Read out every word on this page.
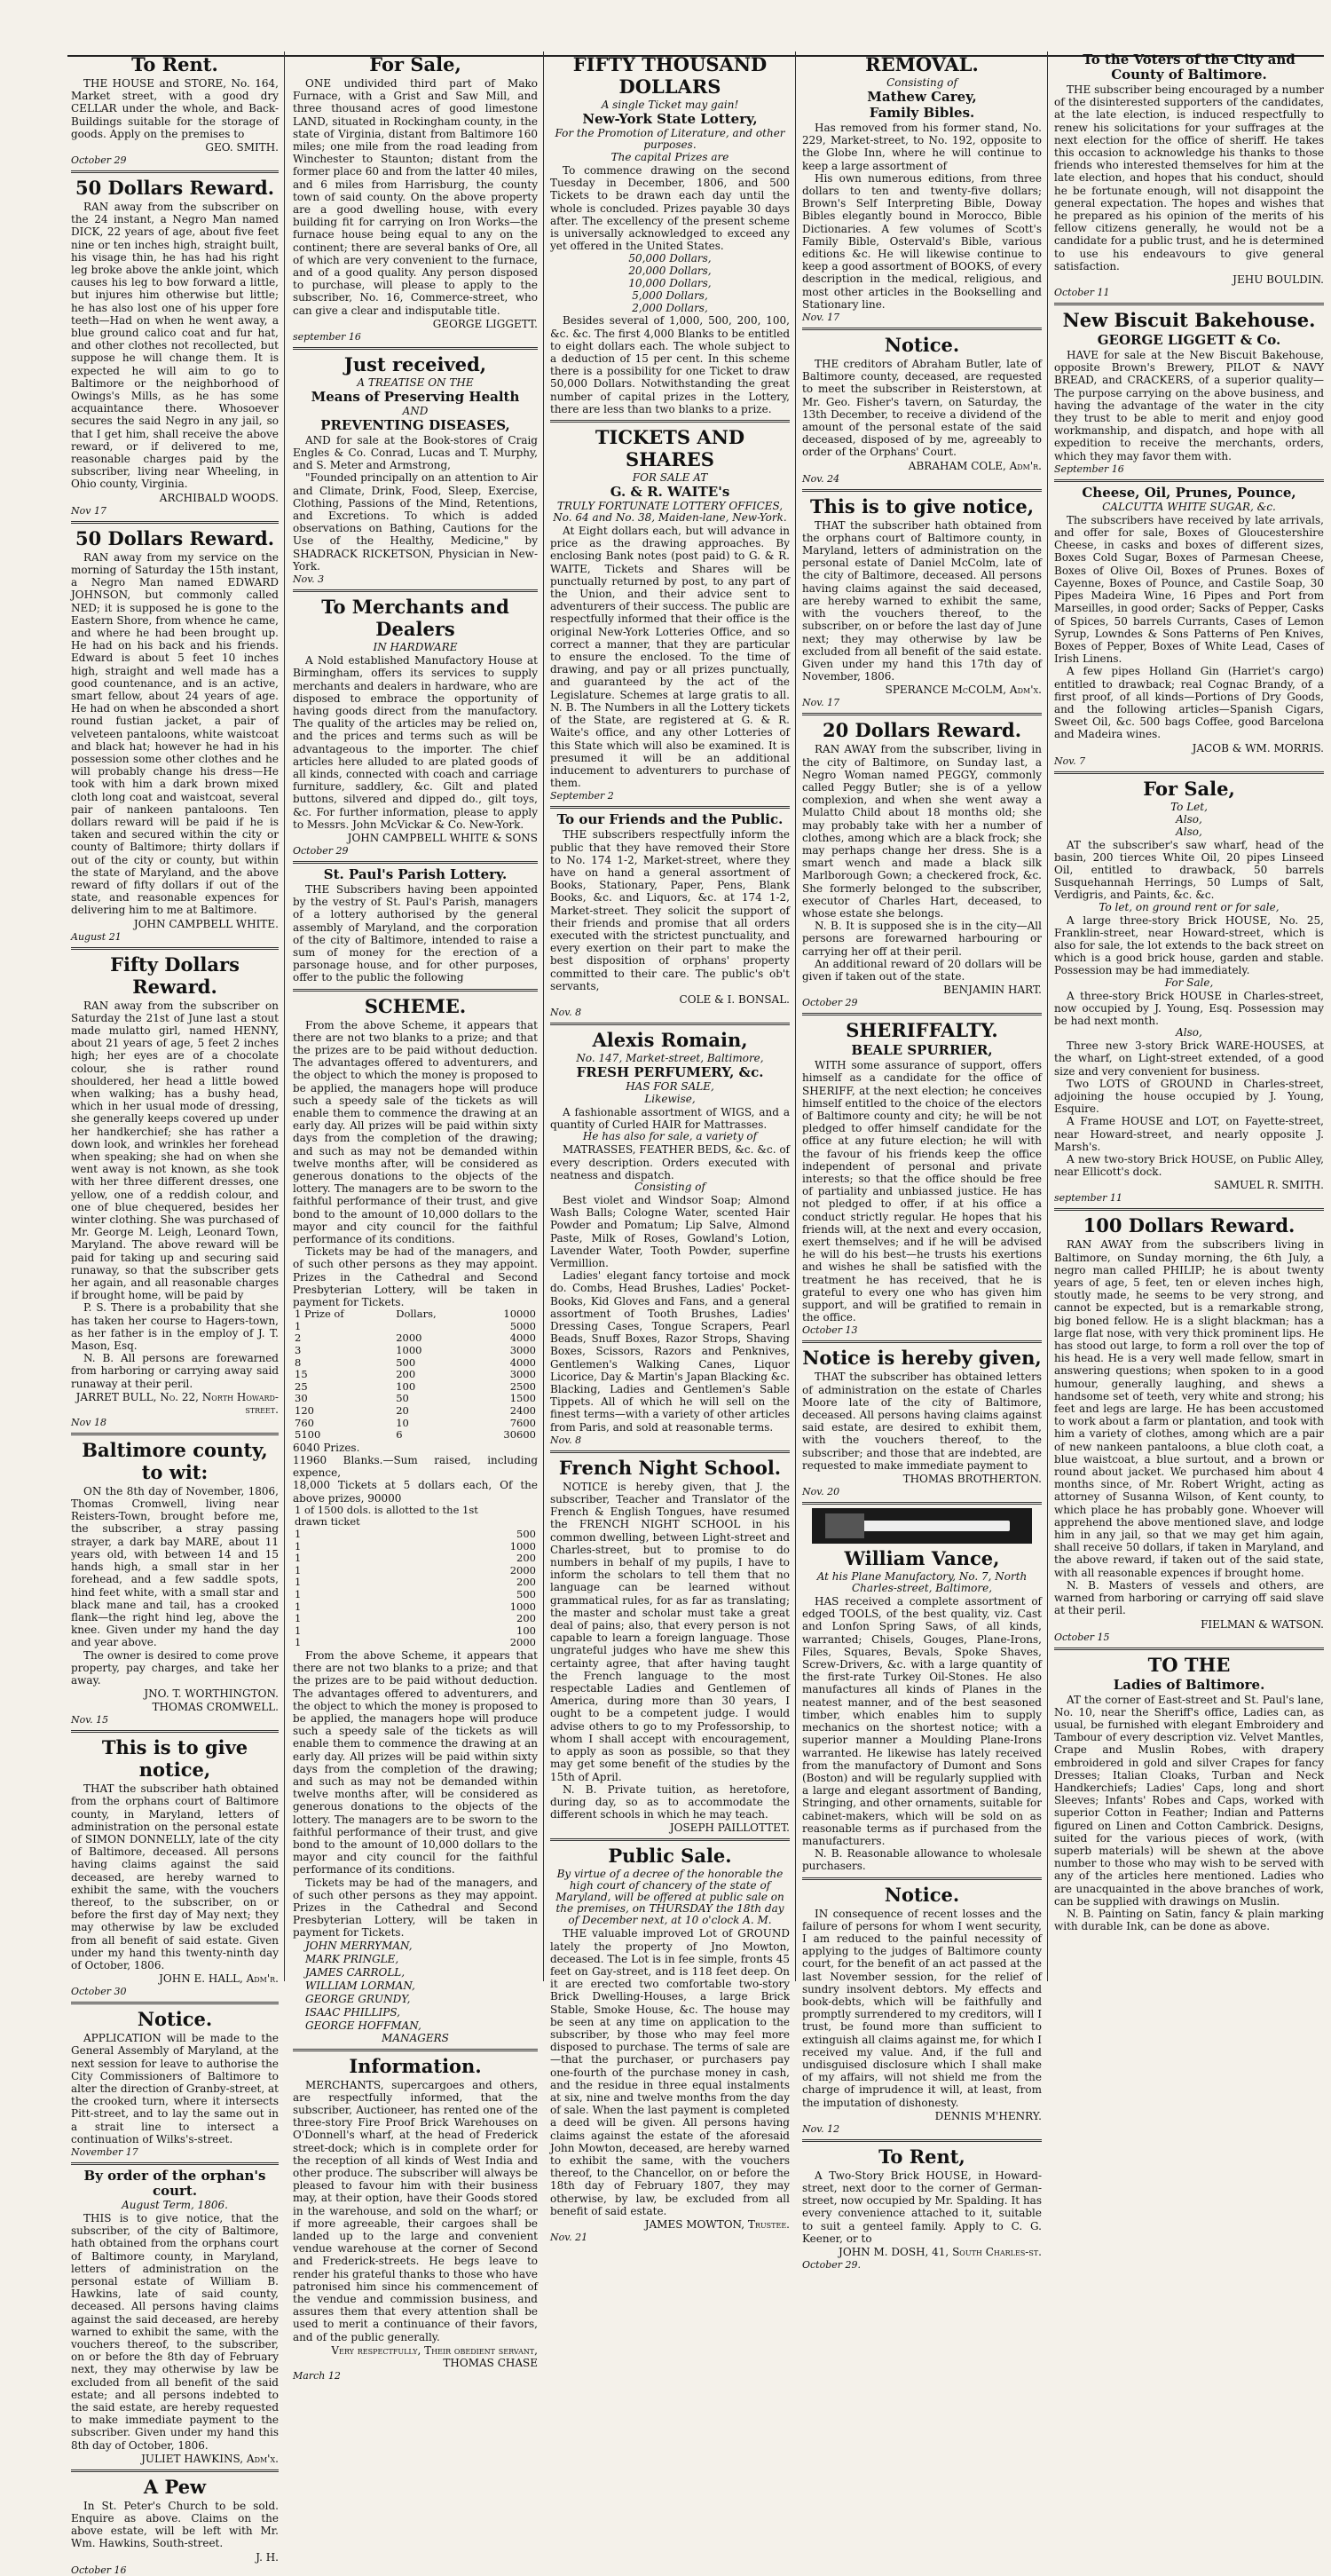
To Rent.

THE HOUSE and STORE, No. 164, Market street, with a good dry CELLAR under the whole, and Back-Buildings suitable for the storage of goods. Apply on the premises to

GEO. SMITH.
October 29
50 Dollars Reward.

RAN away from the subscriber on the 24 instant, a Negro Man named DICK, 22 years of age, about five feet nine or ten inches high, straight built, his visage thin, he has had his right leg broke above the ankle joint, which causes his leg to bow forward a little, but injures him otherwise but little; he has also lost one of his upper fore teeth—Had on when he went away, a blue ground calico coat and fur hat, and other clothes not recollected, but suppose he will change them. It is expected he will aim to go to Baltimore or the neighborhood of Owings's Mills, as he has some acquaintance there. Whosoever secures the said Negro in any jail, so that I get him, shall receive the above reward, or if delivered to me, reasonable charges paid by the subscriber, living near Wheeling, in Ohio county, Virginia.

ARCHIBALD WOODS.
Nov 17
50 Dollars Reward.

RAN away from my service on the morning of Saturday the 15th instant, a Negro Man named EDWARD JOHNSON, but commonly called NED; it is supposed he is gone to the Eastern Shore, from whence he came, and where he had been brought up. He had on his back and his friends. Edward is about 5 feet 10 inches high, straight and well made has a good countenance, and is an active, smart fellow, about 24 years of age. He had on when he absconded a short round fustian jacket, a pair of velveteen pantaloons, white waistcoat and black hat; however he had in his possession some other clothes and he will probably change his dress—He took with him a dark brown mixed cloth long coat and waistcoat, several pair of nankeen pantaloons. Ten dollars reward will be paid if he is taken and secured within the city or county of Baltimore; thirty dollars if out of the city or county, but within the state of Maryland, and the above reward of fifty dollars if out of the state, and reasonable expences for delivering him to me at Baltimore.

JOHN CAMPBELL WHITE.
August 21
Fifty Dollars Reward.

RAN away from the subscriber on Saturday the 21st of June last a stout made mulatto girl, named HENNY, about 21 years of age, 5 feet 2 inches high; her eyes are of a chocolate colour, she is rather round shouldered, her head a little bowed when walking; has a bushy head, which in her usual mode of dressing, she generally keeps covered up under her handkerchief; she has rather a down look, and wrinkles her forehead when speaking; she had on when she went away is not known, as she took with her three different dresses, one yellow, one of a reddish colour, and one of blue chequered, besides her winter clothing. She was purchased of Mr. George M. Leigh, Leonard Town, Maryland. The above reward will be paid for taking up and securing said runaway, so that the subscriber gets her again, and all reasonable charges if brought home, will be paid by

P. S. There is a probability that she has taken her course to Hagers-town, as her father is in the employ of J. T. Mason, Esq.

N. B. All persons are forewarned from harboring or carrying away said runaway at their peril.

JARRET BULL, No. 22, North Howard-street.
Nov 18
Baltimore county, to wit:

ON the 8th day of November, 1806, Thomas Cromwell, living near Reisters-Town, brought before me, the subscriber, a stray passing strayer, a dark bay MARE, about 11 years old, with between 14 and 15 hands high, a small star in her forehead, and a few saddle spots, hind feet white, with a small star and black mane and tail, has a crooked flank—the right hind leg, above the knee. Given under my hand the day and year above.

The owner is desired to come prove property, pay charges, and take her away.

JNO. T. WORTHINGTON.
THOMAS CROMWELL.
Nov. 15
This is to give notice,

THAT the subscriber hath obtained from the orphans court of Baltimore county, in Maryland, letters of administration on the personal estate of SIMON DONNELLY, late of the city of Baltimore, deceased. All persons having claims against the said deceased, are hereby warned to exhibit the same, with the vouchers thereof, to the subscriber, on or before the first day of May next; they may otherwise by law be excluded from all benefit of said estate. Given under my hand this twenty-ninth day of October, 1806.

JOHN E. HALL, Adm'r.
October 30
Notice.

APPLICATION will be made to the General Assembly of Maryland, at the next session for leave to authorise the City Commissioners of Baltimore to alter the direction of Granby-street, at the crooked turn, where it intersects Pitt-street, and to lay the same out in a strait line to intersect a continuation of Wilks's-street.

November 17
By order of the orphan's court.
August Term, 1806.

THIS is to give notice, that the subscriber, of the city of Baltimore, hath obtained from the orphans court of Baltimore county, in Maryland, letters of administration on the personal estate of William B. Hawkins, late of said county, deceased. All persons having claims against the said deceased, are hereby warned to exhibit the same, with the vouchers thereof, to the subscriber, on or before the 8th day of February next, they may otherwise by law be excluded from all benefit of the said estate; and all persons indebted to the said estate, are hereby requested to make immediate payment to the subscriber. Given under my hand this 8th day of October, 1806.

JULIET HAWKINS, Adm'x.
A Pew

In St. Peter's Church to be sold. Enquire as above. Claims on the above estate, will be left with Mr. Wm. Hawkins, South-street.

J. H.
October 16
For Sale,

ONE undivided third part of Mako Furnace, with a Grist and Saw Mill, and three thousand acres of good limestone LAND, situated in Rockingham county, in the state of Virginia, distant from Baltimore 160 miles; one mile from the road leading from Winchester to Staunton; distant from the former place 60 and from the latter 40 miles, and 6 miles from Harrisburg, the county town of said county. On the above property are a good dwelling house, with every building fit for carrying on Iron Works—the furnace house being equal to any on the continent; there are several banks of Ore, all of which are very convenient to the furnace, and of a good quality. Any person disposed to purchase, will please to apply to the subscriber, No. 16, Commerce-street, who can give a clear and indisputable title.

GEORGE LIGGETT.
september 16
Just received,
A TREATISE ON THE
Means of Preserving Health
AND
PREVENTING DISEASES,

AND for sale at the Book-stores of Craig Engles & Co. Conrad, Lucas and T. Murphy, and S. Meter and Armstrong,

"Founded principally on an attention to Air and Climate, Drink, Food, Sleep, Exercise, Clothing, Passions of the Mind, Retentions, and Excretions. To which is added observations on Bathing, Cautions for the Use of the Healthy, Medicine," by SHADRACK RICKETSON, Physician in New-York.

Nov. 3
To Merchants and Dealers
IN HARDWARE

A Nold established Manufactory House at Birmingham, offers its services to supply merchants and dealers in hardware, who are disposed to embrace the opportunity of having goods direct from the manufactory. The quality of the articles may be relied on, and the prices and terms such as will be advantageous to the importer. The chief articles here alluded to are plated goods of all kinds, connected with coach and carriage furniture, saddlery, &c. Gilt and plated buttons, silvered and dipped do., gilt toys, &c. For further information, please to apply to Messrs. John McVickar & Co. New-York.

JOHN CAMPBELL WHITE & SONS
October 29
St. Paul's Parish Lottery.

THE Subscribers having been appointed by the vestry of St. Paul's Parish, managers of a lottery authorised by the general assembly of Maryland, and the corporation of the city of Baltimore, intended to raise a sum of money for the erection of a parsonage house, and for other purposes, offer to the public the following

SCHEME.

From the above Scheme, it appears that there are not two blanks to a prize; and that the prizes are to be paid without deduction. The advantages offered to adventurers, and the object to which the money is proposed to be applied, the managers hope will produce such a speedy sale of the tickets as will enable them to commence the drawing at an early day. All prizes will be paid within sixty days from the completion of the drawing; and such as may not be demanded within twelve months after, will be considered as generous donations to the objects of the lottery. The managers are to be sworn to the faithful performance of their trust, and give bond to the amount of 10,000 dollars to the mayor and city council for the faithful performance of its conditions.

Tickets may be had of the managers, and of such other persons as they may appoint. Prizes in the Cathedral and Second Presbyterian Lottery, will be taken in payment for Tickets.

1 Prize of		Dollars,	10000
1			5000
2		2000	4000
3		1000	3000
8		500	4000
15		200	3000
25		100	2500
30		50	1500
120		20	2400
760		10	7600
5100		6	30600
6040 Prizes.
11960 Blanks.—Sum raised, including expence,
18,000 Tickets at 5 dollars each, Of the above prizes, 90000
1 of 1500 dols. is allotted to the 1st drawn ticket	
1	500
1	1000
1	200
1	2000
1	200
1	500
1	1000
1	200
1	100
1	2000

From the above Scheme, it appears that there are not two blanks to a prize; and that the prizes are to be paid without deduction. The advantages offered to adventurers, and the object to which the money is proposed to be applied, the managers hope will produce such a speedy sale of the tickets as will enable them to commence the drawing at an early day. All prizes will be paid within sixty days from the completion of the drawing; and such as may not be demanded within twelve months after, will be considered as generous donations to the objects of the lottery. The managers are to be sworn to the faithful performance of their trust, and give bond to the amount of 10,000 dollars to the mayor and city council for the faithful performance of its conditions.

Tickets may be had of the managers, and of such other persons as they may appoint. Prizes in the Cathedral and Second Presbyterian Lottery, will be taken in payment for Tickets.

JOHN MERRYMAN,
MARK PRINGLE,
JAMES CARROLL,
WILLIAM LORMAN,
GEORGE GRUNDY,
ISAAC PHILLIPS,
GEORGE HOFFMAN,
MANAGERS
Information.

MERCHANTS, supercargoes and others, are respectfully informed, that the subscriber, Auctioneer, has rented one of the three-story Fire Proof Brick Warehouses on O'Donnell's wharf, at the head of Frederick street-dock; which is in complete order for the reception of all kinds of West India and other produce. The subscriber will always be pleased to favour him with their business may, at their option, have their Goods stored in the warehouse, and sold on the wharf; or if more agreeable, their cargoes shall be landed up to the large and convenient vendue warehouse at the corner of Second and Frederick-streets. He begs leave to render his grateful thanks to those who have patronised him since his commencement of the vendue and commission business, and assures them that every attention shall be used to merit a continuance of their favors, and of the public generally.

Very respectfully, Their obedient servant, THOMAS CHASE
March 12
FIFTY THOUSAND DOLLARS
A single Ticket may gain!
New-York State Lottery,
For the Promotion of Literature, and other purposes.
The capital Prizes are

To commence drawing on the second Tuesday in December, 1806, and 500 Tickets to be drawn each day until the whole is concluded. Prizes payable 30 days after. The excellency of the present scheme is universally acknowledged to exceed any yet offered in the United States.

50,000 Dollars,
20,000 Dollars,
10,000 Dollars,
5,000 Dollars,
2,000 Dollars,

Besides several of 1,000, 500, 200, 100, &c. &c. The first 4,000 Blanks to be entitled to eight dollars each. The whole subject to a deduction of 15 per cent. In this scheme there is a possibility for one Ticket to draw 50,000 Dollars. Notwithstanding the great number of capital prizes in the Lottery, there are less than two blanks to a prize.

TICKETS AND SHARES
FOR SALE AT
G. & R. WAITE's
TRULY FORTUNATE LOTTERY OFFICES, No. 64 and No. 38, Maiden-lane, New-York.

At Eight dollars each, but will advance in price as the drawing approaches. By enclosing Bank notes (post paid) to G. & R. WAITE, Tickets and Shares will be punctually returned by post, to any part of the Union, and their advice sent to adventurers of their success. The public are respectfully informed that their office is the original New-York Lotteries Office, and so correct a manner, that they are particular to ensure the enclosed. To the time of drawing, and pay or all prizes punctually, and guaranteed by the act of the Legislature. Schemes at large gratis to all. N. B. The Numbers in all the Lottery tickets of the State, are registered at G. & R. Waite's office, and any other Lotteries of this State which will also be examined. It is presumed it will be an additional inducement to adventurers to purchase of them.

September 2
To our Friends and the Public.

THE subscribers respectfully inform the public that they have removed their Store to No. 174 1-2, Market-street, where they have on hand a general assortment of Books, Stationary, Paper, Pens, Blank Books, &c. and Liquors, &c. at 174 1-2, Market-street. They solicit the support of their friends and promise that all orders executed with the strictest punctuality, and every exertion on their part to make the best disposition of orphans' property committed to their care. The public's ob't servants,

COLE & I. BONSAL.
Nov. 8
Alexis Romain,
No. 147, Market-street, Baltimore,
FRESH PERFUMERY, &c.
HAS FOR SALE,
Likewise,

A fashionable assortment of WIGS, and a quantity of Curled HAIR for Mattrasses.

He has also for sale, a variety of

MATRASSES, FEATHER BEDS, &c. &c. of every description. Orders executed with neatness and dispatch.

Consisting of

Best violet and Windsor Soap; Almond Wash Balls; Cologne Water, scented Hair Powder and Pomatum; Lip Salve, Almond Paste, Milk of Roses, Gowland's Lotion, Lavender Water, Tooth Powder, superfine Vermillion.

Ladies' elegant fancy tortoise and mock do. Combs, Head Brushes, Ladies' Pocket-Books, Kid Gloves and Fans, and a general assortment of Tooth Brushes, Ladies' Dressing Cases, Tongue Scrapers, Pearl Beads, Snuff Boxes, Razor Strops, Shaving Boxes, Scissors, Razors and Penknives, Gentlemen's Walking Canes, Liquor Licorice, Day & Martin's Japan Blacking &c. Blacking, Ladies and Gentlemen's Sable Tippets. All of which he will sell on the finest terms—with a variety of other articles from Paris, and sold at reasonable terms.

Nov. 8
French Night School.

NOTICE is hereby given, that J. the subscriber, Teacher and Translator of the French & English Tongues, have resumed the FRENCH NIGHT SCHOOL in his common dwelling, between Light-street and Charles-street, but to promise to do numbers in behalf of my pupils, I have to inform the scholars to tell them that no language can be learned without grammatical rules, for as far as translating; the master and scholar must take a great deal of pains; also, that every person is not capable to learn a foreign language. Those ungrateful judges who have me shew this certainty agree, that after having taught the French language to the most respectable Ladies and Gentlemen of America, during more than 30 years, I ought to be a competent judge. I would advise others to go to my Professorship, to whom I shall accept with encouragement, to apply as soon as possible, so that they may get some benefit of the studies by the 15th of April.

N. B. Private tuition, as heretofore, during day, so as to accommodate the different schools in which he may teach.

JOSEPH PAILLOTTET.
Public Sale.
By virtue of a decree of the honorable the high court of chancery of the state of Maryland, will be offered at public sale on the premises, on THURSDAY the 18th day of December next, at 10 o'clock A. M.

THE valuable improved Lot of GROUND lately the property of Jno Mowton, deceased. The Lot is in fee simple, fronts 45 feet on Gay-street, and is 118 feet deep. On it are erected two comfortable two-story Brick Dwelling-Houses, a large Brick Stable, Smoke House, &c. The house may be seen at any time on application to the subscriber, by those who may feel more disposed to purchase. The terms of sale are—that the purchaser, or purchasers pay one-fourth of the purchase money in cash, and the residue in three equal instalments at six, nine and twelve months from the day of sale. When the last payment is completed a deed will be given. All persons having claims against the estate of the aforesaid John Mowton, deceased, are hereby warned to exhibit the same, with the vouchers thereof, to the Chancellor, on or before the 18th day of February 1807, they may otherwise, by law, be excluded from all benefit of said estate.

JAMES MOWTON, Trustee.
Nov. 21
REMOVAL.
Consisting of
Mathew Carey,
Family Bibles.

Has removed from his former stand, No. 229, Market-street, to No. 192, opposite to the Globe Inn, where he will continue to keep a large assortment of

His own numerous editions, from three dollars to ten and twenty-five dollars; Brown's Self Interpreting Bible, Doway Bibles elegantly bound in Morocco, Bible Dictionaries. A few volumes of Scott's Family Bible, Ostervald's Bible, various editions &c. He will likewise continue to keep a good assortment of BOOKS, of every description in the medical, religious, and most other articles in the Bookselling and Stationary line.

Nov. 17
Notice.

THE creditors of Abraham Butler, late of Baltimore county, deceased, are requested to meet the subscriber in Reisterstown, at Mr. Geo. Fisher's tavern, on Saturday, the 13th December, to receive a dividend of the amount of the personal estate of the said deceased, disposed of by me, agreeably to order of the Orphans' Court.

ABRAHAM COLE, Adm'r.
Nov. 24
This is to give notice,

THAT the subscriber hath obtained from the orphans court of Baltimore county, in Maryland, letters of administration on the personal estate of Daniel McColm, late of the city of Baltimore, deceased. All persons having claims against the said deceased, are hereby warned to exhibit the same, with the vouchers thereof, to the subscriber, on or before the last day of June next; they may otherwise by law be excluded from all benefit of the said estate. Given under my hand this 17th day of November, 1806.

SPERANCE McCOLM, Adm'x.
Nov. 17
20 Dollars Reward.

RAN AWAY from the subscriber, living in the city of Baltimore, on Sunday last, a Negro Woman named PEGGY, commonly called Peggy Butler; she is of a yellow complexion, and when she went away a Mulatto Child about 18 months old; she may probably take with her a number of clothes, among which are a black frock; she may perhaps change her dress. She is a smart wench and made a black silk Marlborough Gown; a checkered frock, &c. She formerly belonged to the subscriber, executor of Charles Hart, deceased, to whose estate she belongs.

N. B. It is supposed she is in the city—All persons are forewarned harbouring or carrying her off at their peril.

An additional reward of 20 dollars will be given if taken out of the state.

BENJAMIN HART.
October 29
SHERIFFALTY.
BEALE SPURRIER,

WITH some assurance of support, offers himself as a candidate for the office of SHERIFF, at the next election; he conceives himself entitled to the choice of the electors of Baltimore county and city; he will be not pledged to offer himself candidate for the office at any future election; he will with the favour of his friends keep the office independent of personal and private interests; so that the office should be free of partiality and unbiassed justice. He has not pledged to offer, if at his office a conduct strictly regular. He hopes that his friends will, at the next and every occasion, exert themselves; and if he will be advised he will do his best—he trusts his exertions and wishes he shall be satisfied with the treatment he has received, that he is grateful to every one who has given him support, and will be gratified to remain in the office.

October 13
Notice is hereby given,

THAT the subscriber has obtained letters of administration on the estate of Charles Moore late of the city of Baltimore, deceased. All persons having claims against said estate, are desired to exhibit them, with the vouchers thereof, to the subscriber; and those that are indebted, are requested to make immediate payment to

THOMAS BROTHERTON.
Nov. 20
William Vance,
At his Plane Manufactory, No. 7, North Charles-street, Baltimore,

HAS received a complete assortment of edged TOOLS, of the best quality, viz. Cast and Lonfon Spring Saws, of all kinds, warranted; Chisels, Gouges, Plane-Irons, Files, Squares, Bevals, Spoke Shaves, Screw-Drivers, &c. with a large quantity of the first-rate Turkey Oil-Stones. He also manufactures all kinds of Planes in the neatest manner, and of the best seasoned timber, which enables him to supply mechanics on the shortest notice; with a superior manner a Moulding Plane-Irons warranted. He likewise has lately received from the manufactory of Dumont and Sons (Boston) and will be regularly supplied with a large and elegant assortment of Banding, Stringing, and other ornaments, suitable for cabinet-makers, which will be sold on as reasonable terms as if purchased from the manufacturers.

N. B. Reasonable allowance to wholesale purchasers.

Notice.

IN consequence of recent losses and the failure of persons for whom I went security, I am reduced to the painful necessity of applying to the judges of Baltimore county court, for the benefit of an act passed at the last November session, for the relief of sundry insolvent debtors. My effects and book-debts, which will be faithfully and promptly surrendered to my creditors, will I trust, be found more than sufficient to extinguish all claims against me, for which I received my value. And, if the full and undisguised disclosure which I shall make of my affairs, will not shield me from the charge of imprudence it will, at least, from the imputation of dishonesty.

DENNIS M'HENRY.
Nov. 12
To Rent,

A Two-Story Brick HOUSE, in Howard-street, next door to the corner of German-street, now occupied by Mr. Spalding. It has every convenience attached to it, suitable to suit a genteel family. Apply to C. G. Keener, or to

JOHN M. DOSH, 41, South Charles-st.
October 29.
To the Voters of the City and County of Baltimore.

THE subscriber being encouraged by a number of the disinterested supporters of the candidates, at the late election, is induced respectfully to renew his solicitations for your suffrages at the next election for the office of sheriff. He takes this occasion to acknowledge his thanks to those friends who interested themselves for him at the late election, and hopes that his conduct, should he be fortunate enough, will not disappoint the general expectation. The hopes and wishes that he prepared as his opinion of the merits of his fellow citizens generally, he would not be a candidate for a public trust, and he is determined to use his endeavours to give general satisfaction.

JEHU BOULDIN.
October 11
New Biscuit Bakehouse.
GEORGE LIGGETT & Co.

HAVE for sale at the New Biscuit Bakehouse, opposite Brown's Brewery, PILOT & NAVY BREAD, and CRACKERS, of a superior quality—The purpose carrying on the above business, and having the advantage of the water in the city they trust to be able to merit and enjoy good workmanship, and dispatch, and hope with all expedition to receive the merchants, orders, which they may favor them with.

September 16
Cheese, Oil, Prunes, Pounce,
CALCUTTA WHITE SUGAR, &c.

The subscribers have received by late arrivals, and offer for sale, Boxes of Gloucestershire Cheese, in casks and boxes of different sizes, Boxes Cold Sugar, Boxes of Parmesan Cheese, Boxes of Olive Oil, Boxes of Prunes. Boxes of Cayenne, Boxes of Pounce, and Castile Soap, 30 Pipes Madeira Wine, 16 Pipes and Port from Marseilles, in good order; Sacks of Pepper, Casks of Spices, 50 barrels Currants, Cases of Lemon Syrup, Lowndes & Sons Patterns of Pen Knives, Boxes of Pepper, Boxes of White Lead, Cases of Irish Linens.

A few pipes Holland Gin (Harriet's cargo) entitled to drawback; real Cognac Brandy, of a first proof, of all kinds—Portions of Dry Goods, and the following articles—Spanish Cigars, Sweet Oil, &c. 500 bags Coffee, good Barcelona and Madeira wines.

JACOB & WM. MORRIS.
Nov. 7
For Sale,
To Let,
Also,
Also,

AT the subscriber's saw wharf, head of the basin, 200 tierces White Oil, 20 pipes Linseed Oil, entitled to drawback, 50 barrels Susquehannah Herrings, 50 Lumps of Salt, Verdigris, and Paints, &c. &c.

To let, on ground rent or for sale,

A large three-story Brick HOUSE, No. 25, Franklin-street, near Howard-street, which is also for sale, the lot extends to the back street on which is a good brick house, garden and stable. Possession may be had immediately.

For Sale,

A three-story Brick HOUSE in Charles-street, now occupied by J. Young, Esq. Possession may be had next month.

Also,

Three new 3-story Brick WARE-HOUSES, at the wharf, on Light-street extended, of a good size and very convenient for business.

Two LOTS of GROUND in Charles-street, adjoining the house occupied by J. Young, Esquire.

A Frame HOUSE and LOT, on Fayette-street, near Howard-street, and nearly opposite J. Marsh's.

A new two-story Brick HOUSE, on Public Alley, near Ellicott's dock.

SAMUEL R. SMITH.
september 11
100 Dollars Reward.

RAN AWAY from the subscribers living in Baltimore, on Sunday morning, the 6th July, a negro man called PHILIP; he is about twenty years of age, 5 feet, ten or eleven inches high, stoutly made, he seems to be very strong, and cannot be expected, but is a remarkable strong, big boned fellow. He is a slight blackman; has a large flat nose, with very thick prominent lips. He has stood out large, to form a roll over the top of his head. He is a very well made fellow, smart in answering questions; when spoken to in a good humour, generally laughing, and shews a handsome set of teeth, very white and strong; his feet and legs are large. He has been accustomed to work about a farm or plantation, and took with him a variety of clothes, among which are a pair of new nankeen pantaloons, a blue cloth coat, a blue waistcoat, a blue surtout, and a brown or round about jacket. We purchased him about 4 months since, of Mr. Robert Wright, acting as attorney of Susanna Wilson, of Kent county, to which place he has probably gone. Whoever will apprehend the above mentioned slave, and lodge him in any jail, so that we may get him again, shall receive 50 dollars, if taken in Maryland, and the above reward, if taken out of the said state, with all reasonable expences if brought home.

N. B. Masters of vessels and others, are warned from harboring or carrying off said slave at their peril.

FIELMAN & WATSON.
October 15
TO THE
Ladies of Baltimore.

AT the corner of East-street and St. Paul's lane, No. 10, near the Sheriff's office, Ladies can, as usual, be furnished with elegant Embroidery and Tambour of every description viz. Velvet Mantles, Crape and Muslin Robes, with drapery embroidered in gold and silver Crapes for fancy Dresses; Italian Cloaks, Turban and Neck Handkerchiefs; Ladies' Caps, long and short Sleeves; Infants' Robes and Caps, worked with superior Cotton in Feather; Indian and Patterns figured on Linen and Cotton Cambrick. Designs, suited for the various pieces of work, (with superb materials) will be shewn at the above number to those who may wish to be served with any of the articles here mentioned. Ladies who are unacquainted in the above branches of work, can be supplied with drawings on Muslin.

N. B. Painting on Satin, fancy & plain marking with durable Ink, can be done as above.
